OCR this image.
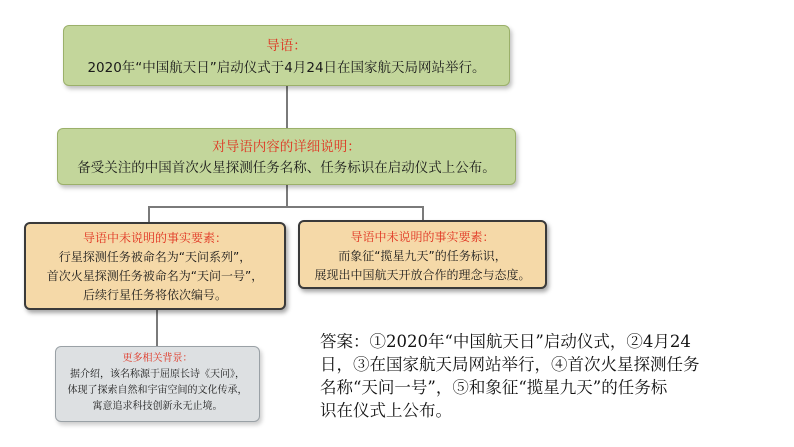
导语：
2020年“中国航天日”启动仪式于4月24日在国家航天局网站举行。
对导语内容的详细说明：
备受关注的中国首次火星探测任务名称、任务标识在启动仪式上公布。
导语中未说明的事实要素：
行星探测任务被命名为“天问系列”，
首次火星探测任务被命名为“天问一号”，
后续行星任务将依次编号。
导语中未说明的事实要素：
而象征“揽星九天”的任务标识，
展现出中国航天开放合作的理念与态度。
更多相关背景：
据介绍，该名称源于屈原长诗《天问》，
体现了探索自然和宇宙空间的文化传承，
寓意追求科技创新永无止境。
答案：①2020年“中国航天日”启动仪式，②4月24
日，③在国家航天局网站举行，④首次火星探测任务
名称“天问一号”，⑤和象征“揽星九天”的任务标
识在仪式上公布。
